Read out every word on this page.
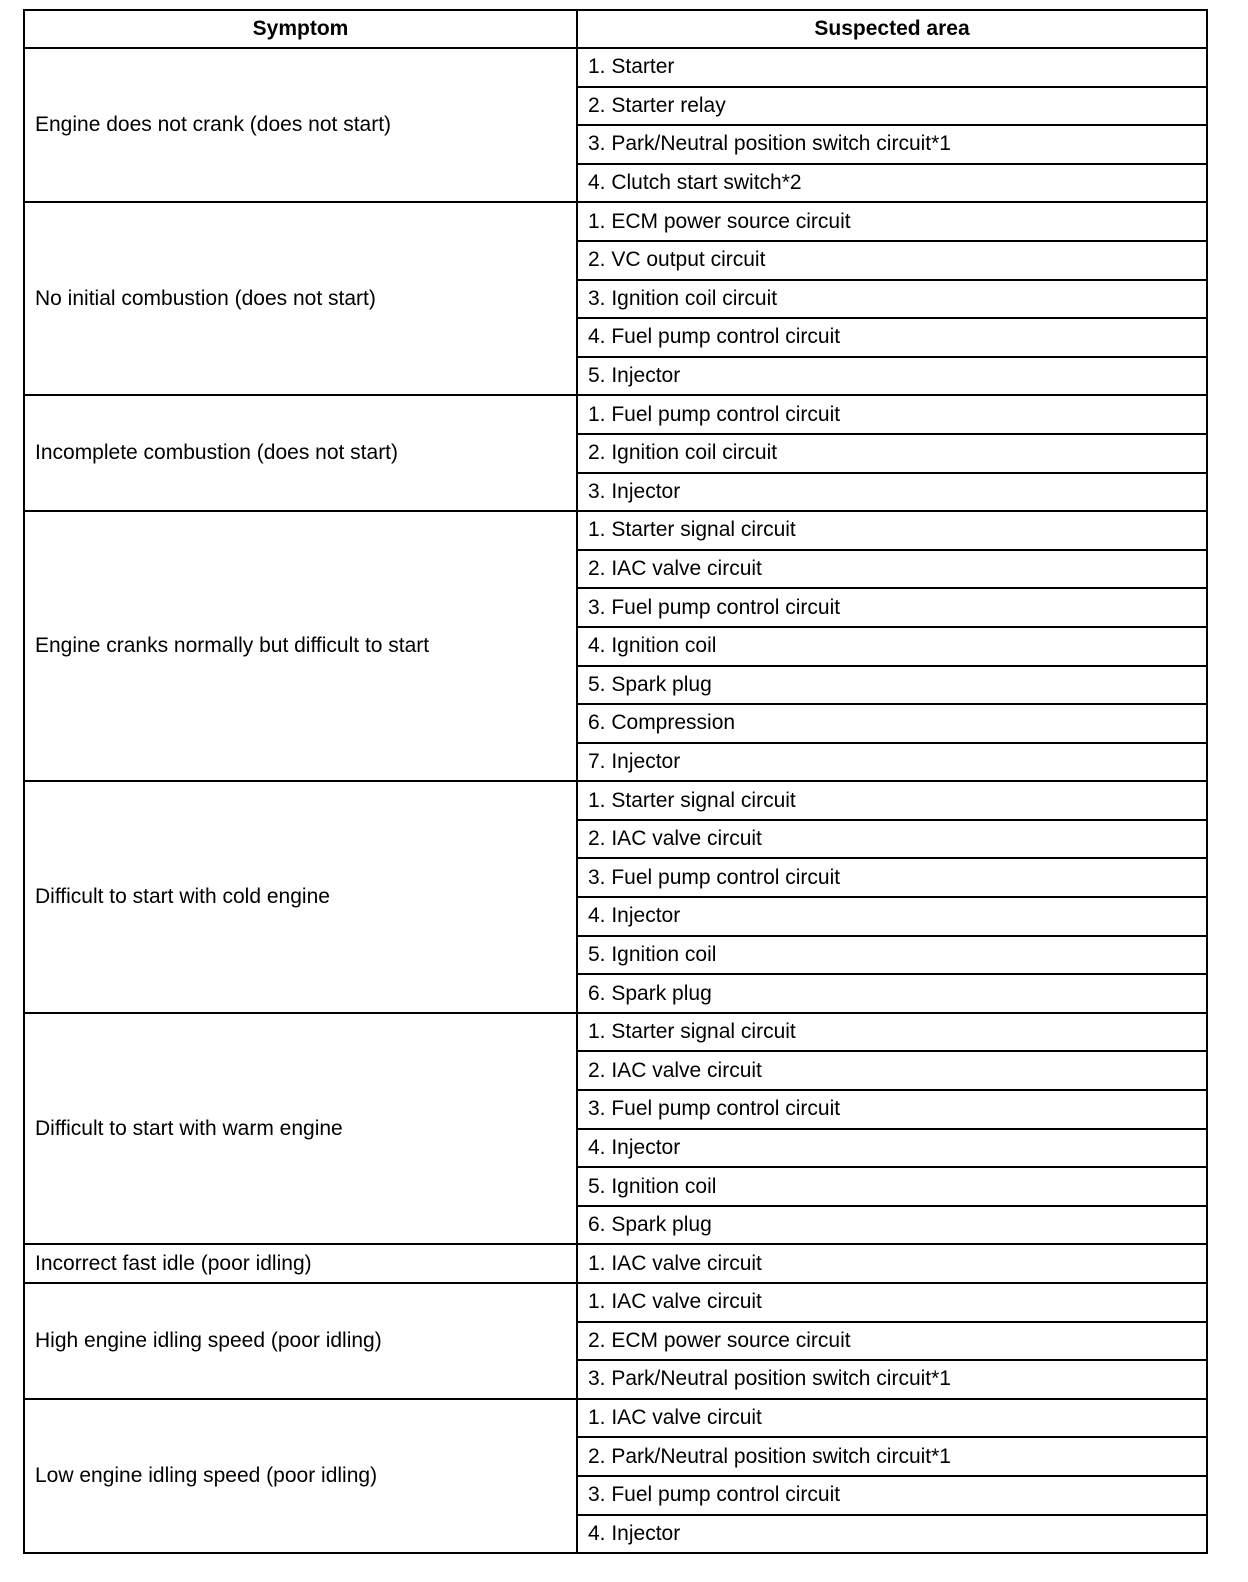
Symptom	Suspected area
Engine does not crank (does not start)	1. Starter
	2. Starter relay
	3. Park/Neutral position switch circuit*1
	4. Clutch start switch*2
No initial combustion (does not start)	1. ECM power source circuit
	2. VC output circuit
	3. Ignition coil circuit
	4. Fuel pump control circuit
	5. Injector
Incomplete combustion (does not start)	1. Fuel pump control circuit
	2. Ignition coil circuit
	3. Injector
Engine cranks normally but difficult to start	1. Starter signal circuit
	2. IAC valve circuit
	3. Fuel pump control circuit
	4. Ignition coil
	5. Spark plug
	6. Compression
	7. Injector
Difficult to start with cold engine	1. Starter signal circuit
	2. IAC valve circuit
	3. Fuel pump control circuit
	4. Injector
	5. Ignition coil
	6. Spark plug
Difficult to start with warm engine	1. Starter signal circuit
	2. IAC valve circuit
	3. Fuel pump control circuit
	4. Injector
	5. Ignition coil
	6. Spark plug
Incorrect fast idle (poor idling)	1. IAC valve circuit
High engine idling speed (poor idling)	1. IAC valve circuit
	2. ECM power source circuit
	3. Park/Neutral position switch circuit*1
Low engine idling speed (poor idling)	1. IAC valve circuit
	2. Park/Neutral position switch circuit*1
	3. Fuel pump control circuit
	4. Injector
